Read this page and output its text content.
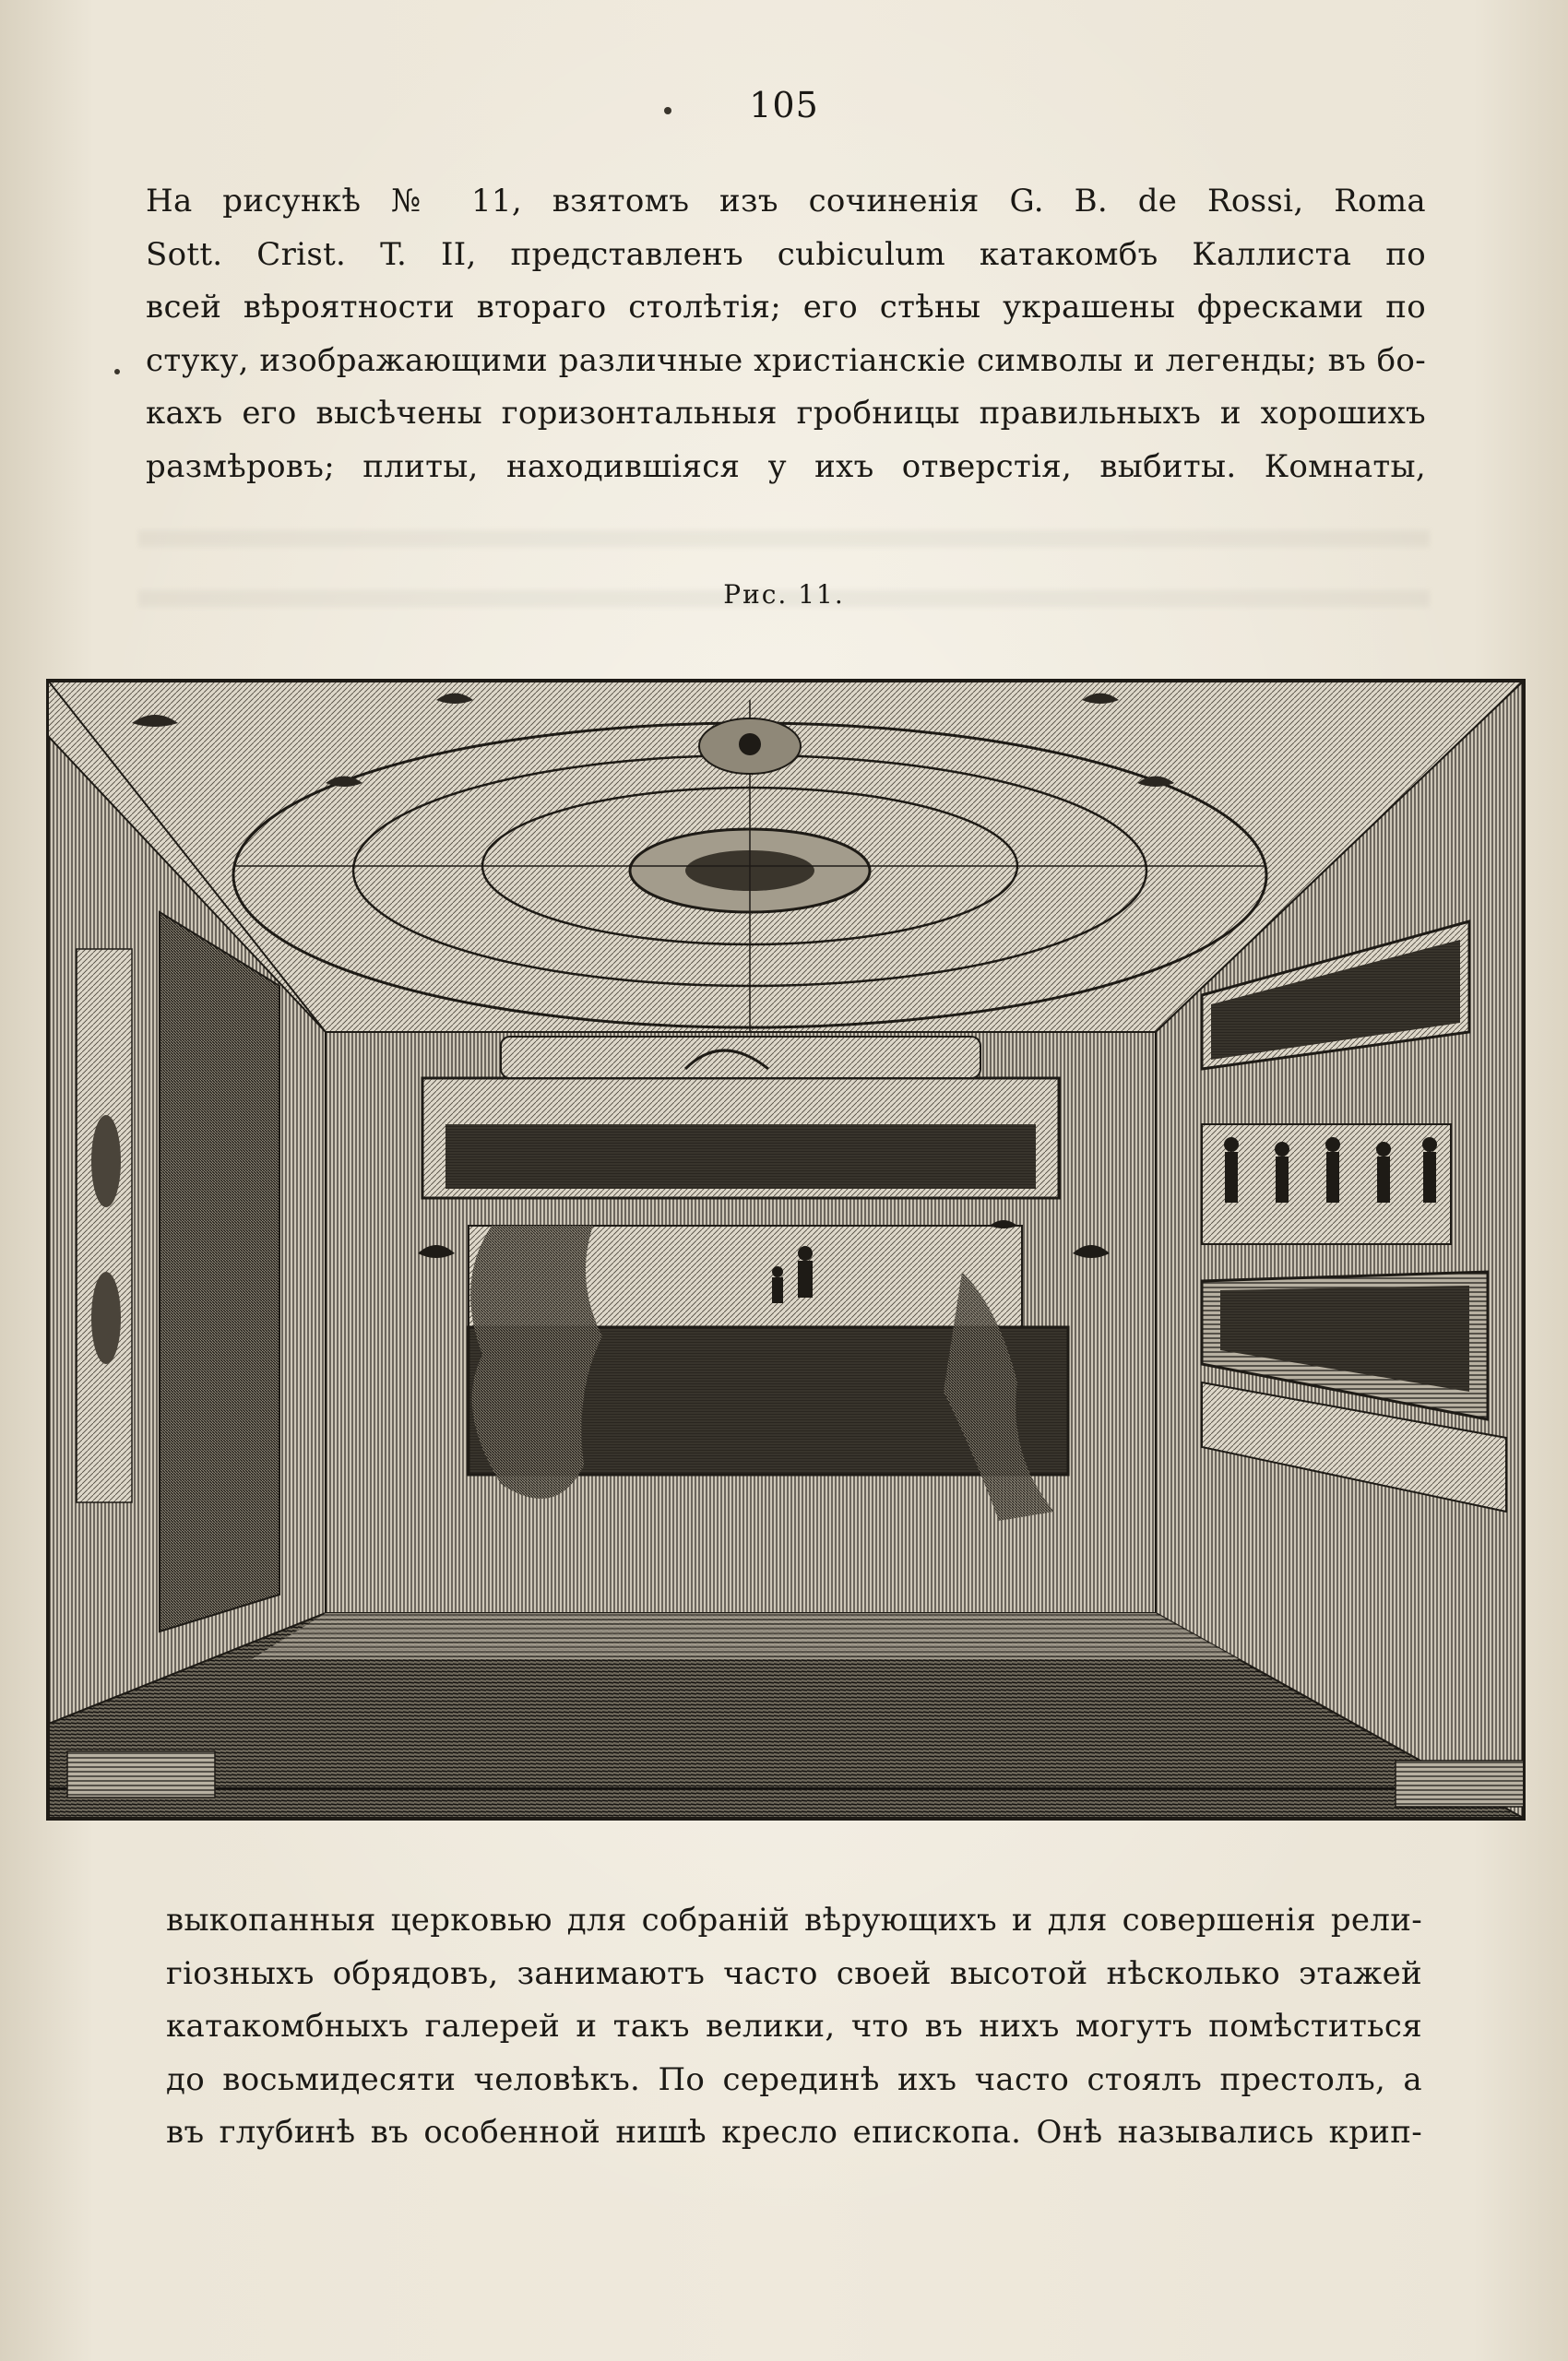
105
На рисункѣ № 11, взятомъ изъ сочиненія G. B. de Rossi, Roma
Sott. Crist. T. II, представленъ cubiculum катакомбъ Каллиста по
всей вѣроятности втораго столѣтія; его стѣны украшены фресками по
стуку, изображающими различные христіанскіе символы и легенды; въ бо-
кахъ его высѣчены горизонтальныя гробницы правильныхъ и хорошихъ
размѣровъ; плиты, находившіяся у ихъ отверстія, выбиты. Комнаты,
Рис. 11.
выкопанныя церковью для собраній вѣрующихъ и для совершенія рели-
гіозныхъ обрядовъ, занимаютъ часто своей высотой нѣсколько этажей
катакомбныхъ галерей и такъ велики, что въ нихъ могутъ помѣститься
до восьмидесяти человѣкъ. По серединѣ ихъ часто стоялъ престолъ, а
въ глубинѣ въ особенной нишѣ кресло епископа. Онѣ назывались крип-
